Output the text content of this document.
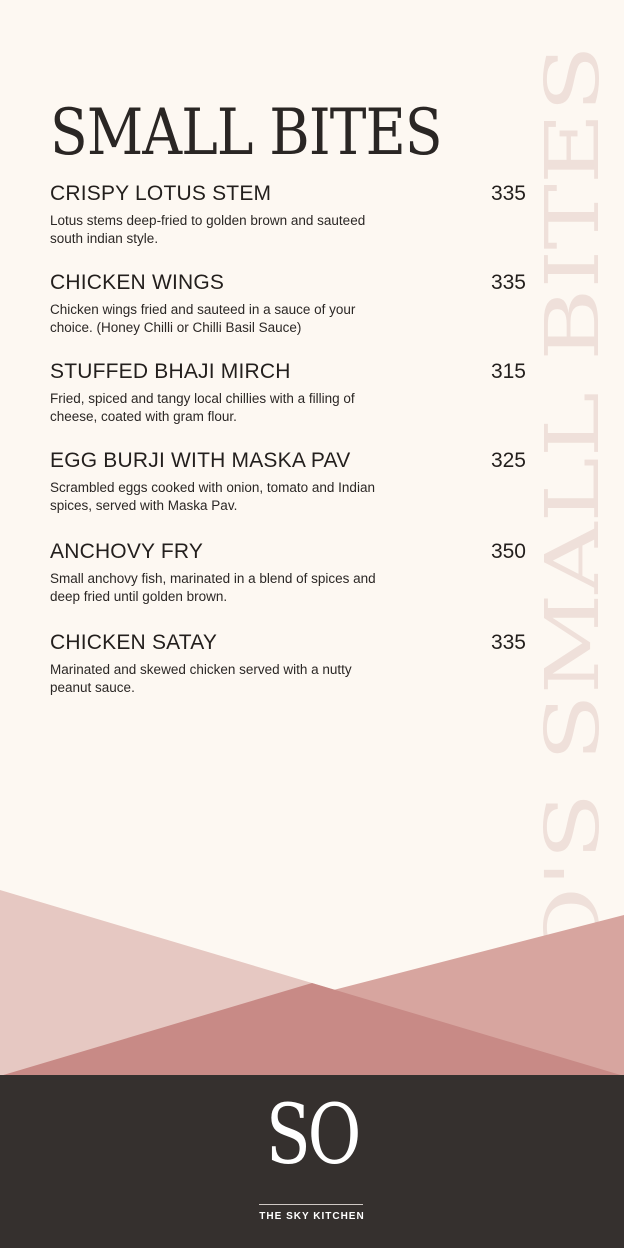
SO'S SMALL BITES
SMALL BITES
CRISPY LOTUS STEM	335
Lotus stems deep-fried to golden brown and sauteed south indian style.
CHICKEN WINGS	335
Chicken wings fried and sauteed in a sauce of your choice. (Honey Chilli or Chilli Basil Sauce)
STUFFED BHAJI MIRCH	315
Fried, spiced and tangy local chillies with a filling of cheese, coated with gram flour.
EGG BURJI WITH MASKA PAV	325
Scrambled eggs cooked with onion, tomato and Indian spices, served with Maska Pav.
ANCHOVY FRY	350
Small anchovy fish, marinated in a blend of spices and deep fried until golden brown.
CHICKEN SATAY	335
Marinated and skewed chicken served with a nutty peanut sauce.
SO
THE SKY KITCHEN
